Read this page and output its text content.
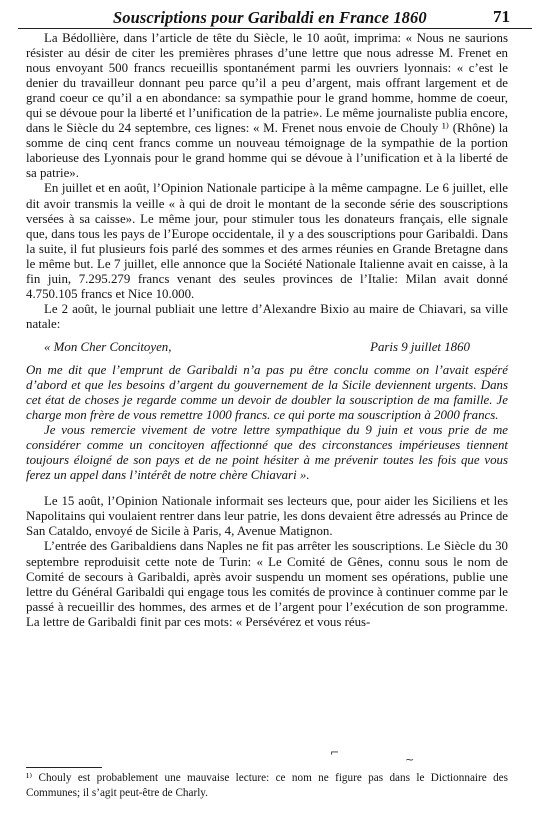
Souscriptions pour Garibaldi en France 1860	71

La Bédollière, dans l’article de tête du Siècle, le 10 août, imprima: « Nous ne saurions résister au désir de citer les premières phrases d’une lettre que nous adresse M. Frenet en nous envoyant 500 francs recueillis spontanément parmi les ouvriers lyonnais: « c’est le denier du travailleur donnant peu parce qu’il a peu d’argent, mais offrant largement et de grand coeur ce qu’il a en abondance: sa sympathie pour le grand homme, homme de coeur, qui se dévoue pour la liberté et l’unification de la patrie». Le même journaliste publia encore, dans le Siècle du 24 septembre, ces lignes: « M. Frenet nous envoie de Chouly ¹⁾ (Rhône) la somme de cinq cent francs comme un nouveau témoignage de la sympathie de la portion laborieuse des Lyonnais pour le grand homme qui se dévoue à l’unification et à la liberté de sa patrie».

En juillet et en août, l’Opinion Nationale participe à la même campagne. Le 6 juillet, elle dit avoir transmis la veille « à qui de droit le montant de la seconde série des souscriptions versées à sa caisse». Le même jour, pour stimuler tous les donateurs français, elle signale que, dans tous les pays de l’Europe occidentale, il y a des souscriptions pour Garibaldi. Dans la suite, il fut plusieurs fois parlé des sommes et des armes réunies en Grande Bretagne dans le même but. Le 7 juillet, elle annonce que la Société Nationale Italienne avait en caisse, à la fin juin, 7.295.279 francs venant des seules provinces de l’Italie: Milan avait donné 4.750.105 francs et Nice 10.000.

Le 2 août, le journal publiait une lettre d’Alexandre Bixio au maire de Chiavari, sa ville natale:

« Mon Cher Concitoyen,	Paris 9 juillet 1860

On me dit que l’emprunt de Garibaldi n’a pas pu être conclu comme on l’avait espéré d’abord et que les besoins d’argent du gouvernement de la Sicile deviennent urgents. Dans cet état de choses je regarde comme un devoir de doubler la souscription de ma famille. Je charge mon frère de vous remettre 1000 francs. ce qui porte ma souscription à 2000 francs.

Je vous remercie vivement de votre lettre sympathique du 9 juin et vous prie de me considérer comme un concitoyen affectionné que des circonstances impérieuses tiennent toujours éloigné de son pays et de ne point hésiter à me prévenir toutes les fois que vous ferez un appel dans l’intérêt de notre chère Chiavari ».

Le 15 août, l’Opinion Nationale informait ses lecteurs que, pour aider les Siciliens et les Napolitains qui voulaient rentrer dans leur patrie, les dons devaient être adressés au Prince de San Cataldo, envoyé de Sicile à Paris, 4, Avenue Matignon.

L’entrée des Garibaldiens dans Naples ne fit pas arrêter les souscriptions. Le Siècle du 30 septembre reproduisit cette note de Turin: « Le Comité de Gênes, connu sous le nom de Comité de secours à Garibaldi, après avoir suspendu un moment ses opérations, publie une lettre du Général Garibaldi qui engage tous les comités de province à continuer comme par le passé à recueillir des hommes, des armes et de l’argent pour l’exécution de son programme. La lettre de Garibaldi finit par ces mots: « Persévérez et vous réus-

⌐
~

¹⁾ Chouly est probablement une mauvaise lecture: ce nom ne figure pas dans le Dictionnaire des Communes; il s’agit peut-être de Charly.
